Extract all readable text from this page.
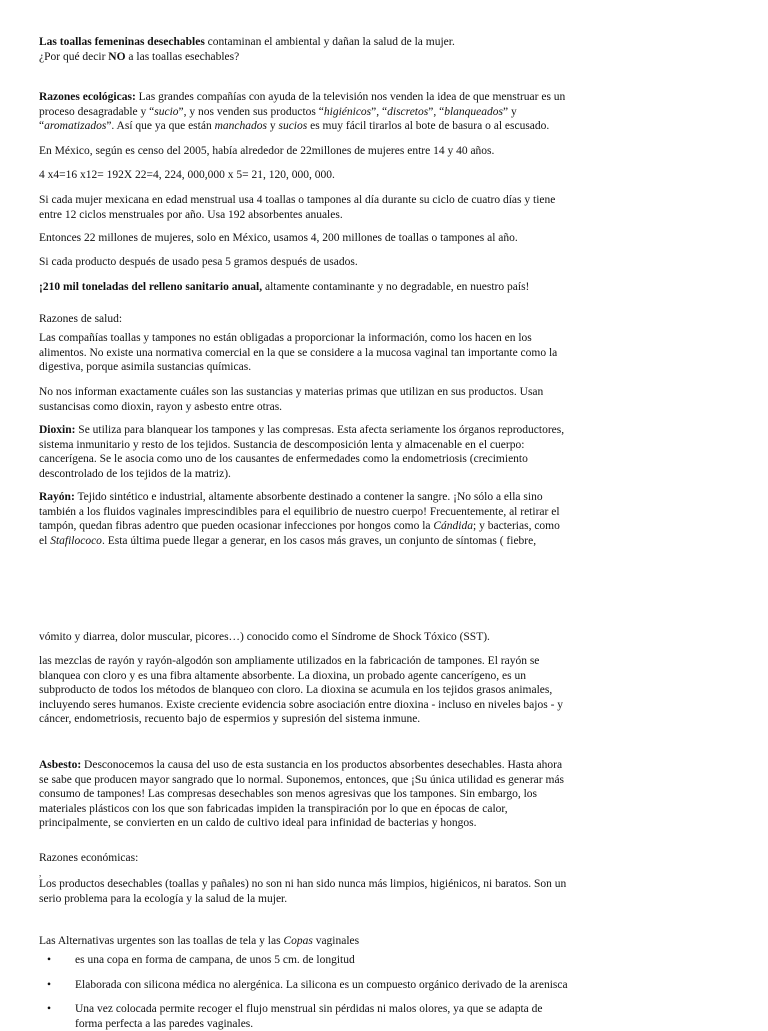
Las toallas femeninas desechables contaminan el ambiental y dañan la salud de la mujer.
¿Por qué decir NO a las toallas esechables?

Razones ecológicas: Las grandes compañías con ayuda de la televisión nos venden la idea de que menstruar es un proceso desagradable y “sucio”, y nos venden sus productos “higiénicos”, “discretos”, “blanqueados” y “aromatizados”. Así que ya que están manchados y sucios es muy fácil tirarlos al bote de basura o al escusado.

En México, según es censo del 2005, había alrededor de 22millones de mujeres entre 14 y 40 años.

4 x4=16 x12= 192X 22=4, 224, 000,000 x 5= 21, 120, 000, 000.

Si cada mujer mexicana en edad menstrual usa 4 toallas o tampones al día durante su ciclo de cuatro días y tiene entre 12 ciclos menstruales por año. Usa 192 absorbentes anuales.

Entonces 22 millones de mujeres, solo en México, usamos 4, 200 millones de toallas o tampones al año.

Si cada producto después de usado pesa 5 gramos después de usados.

¡210 mil toneladas del relleno sanitario anual, altamente contaminante y no degradable, en nuestro país!

Razones de salud:

Las compañías toallas y tampones no están obligadas a proporcionar la información, como los hacen en los alimentos. No existe una normativa comercial en la que se considere a la mucosa vaginal tan importante como la digestiva, porque asimila sustancias químicas.

No nos informan exactamente cuáles son las sustancias y materias primas que utilizan en sus productos. Usan sustancisas como dioxin, rayon y asbesto entre otras.

Dioxin: Se utiliza para blanquear los tampones y las compresas. Esta afecta seriamente los órganos reproductores, sistema inmunitario y resto de los tejidos. Sustancia de descomposición lenta y almacenable en el cuerpo: cancerígena. Se le asocia como uno de los causantes de enfermedades como la endometriosis (crecimiento descontrolado de los tejidos de la matriz).

Rayón: Tejido sintético e industrial, altamente absorbente destinado a contener la sangre. ¡No sólo a ella sino también a los fluidos vaginales imprescindibles para el equilibrio de nuestro cuerpo! Frecuentemente, al retirar el tampón, quedan fibras adentro que pueden ocasionar infecciones por hongos como la Cándida; y bacterias, como el Stafilococo. Esta última puede llegar a generar, en los casos más graves, un conjunto de síntomas ( fiebre,

vómito y diarrea, dolor muscular, picores…) conocido como el Síndrome de Shock Tóxico (SST).

las mezclas de rayón y rayón-algodón son ampliamente utilizados en la fabricación de tampones. El rayón se blanquea con cloro y es una fibra altamente absorbente. La dioxina, un probado agente cancerígeno, es un subproducto de todos los métodos de blanqueo con cloro. La dioxina se acumula en los tejidos grasos animales, incluyendo seres humanos. Existe creciente evidencia sobre asociación entre dioxina - incluso en niveles bajos - y cáncer, endometriosis, recuento bajo de espermios y supresión del sistema inmune.

Asbesto: Desconocemos la causa del uso de esta sustancia en los productos absorbentes desechables. Hasta ahora se sabe que producen mayor sangrado que lo normal. Suponemos, entonces, que ¡Su única utilidad es generar más consumo de tampones! Las compresas desechables son menos agresivas que los tampones. Sin embargo, los materiales plásticos con los que son fabricadas impiden la transpiración por lo que en épocas de calor, principalmente, se convierten en un caldo de cultivo ideal para infinidad de bacterias y hongos.

Razones económicas:

,

Los productos desechables (toallas y pañales) no son ni han sido nunca más limpios, higiénicos, ni baratos. Son un serio problema para la ecología y la salud de la mujer.

Las Alternativas urgentes son las toallas de tela y las Copas vaginales

• es una copa en forma de campana, de unos 5 cm. de longitud
• Elaborada con silicona médica no alergénica. La silicona es un compuesto orgánico derivado de la arenisca
• Una vez colocada permite recoger el flujo menstrual sin pérdidas ni malos olores, ya que se adapta de forma perfecta a las paredes vaginales.
